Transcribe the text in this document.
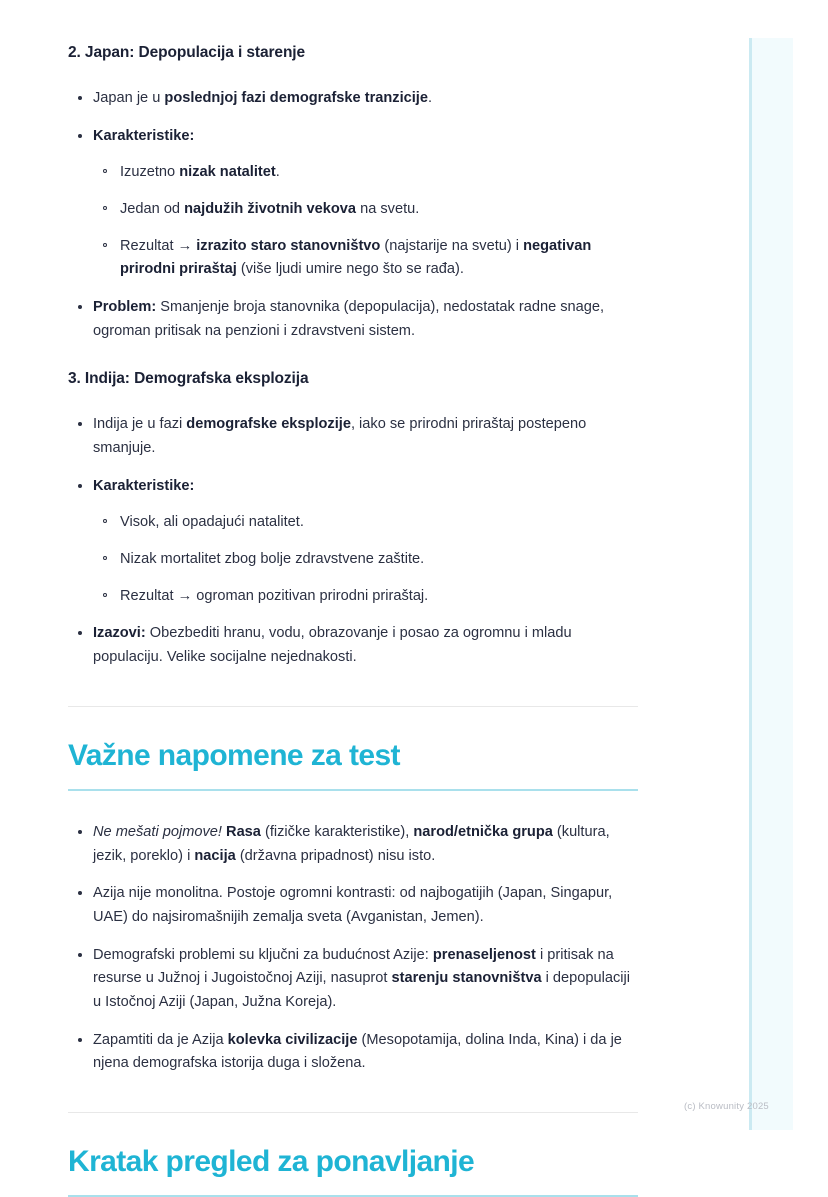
2. Japan: Depopulacija i starenje
Japan je u poslednjoj fazi demografske tranzicije.
Karakteristike:
Izuzetno nizak natalitet.
Jedan od najdužih životnih vekova na svetu.
Rezultat → izrazito staro stanovništvo (najstarije na svetu) i negativan prirodni priraštaj (više ljudi umire nego što se rađa).
Problem: Smanjenje broja stanovnika (depopulacija), nedostatak radne snage, ogroman pritisak na penzioni i zdravstveni sistem.
3. Indija: Demografska eksplozija
Indija je u fazi demografske eksplozije, iako se prirodni priraštaj postepeno smanjuje.
Karakteristike:
Visok, ali opadajući natalitet.
Nizak mortalitet zbog bolje zdravstvene zaštite.
Rezultat → ogroman pozitivan prirodni priraštaj.
Izazovi: Obezbediti hranu, vodu, obrazovanje i posao za ogromnu i mladu populaciju. Velike socijalne nejednakosti.
Važne napomene za test
Ne mešati pojmove! Rasa (fizičke karakteristike), narod/etnička grupa (kultura, jezik, poreklo) i nacija (državna pripadnost) nisu isto.
Azija nije monolitna. Postoje ogromni kontrasti: od najbogatijih (Japan, Singapur, UAE) do najsiromašnijih zemalja sveta (Avganistan, Jemen).
Demografski problemi su ključni za budućnost Azije: prenaseljenost i pritisak na resurse u Južnoj i Jugoistočnoj Aziji, nasuprot starenju stanovništva i depopulaciji u Istočnoj Aziji (Japan, Južna Koreja).
Zapamtiti da je Azija kolevka civilizacije (Mesopotamija, dolina Inda, Kina) i da je njena demografska istorija duga i složena.
Kratak pregled za ponavljanje
(c) Knowunity 2025
